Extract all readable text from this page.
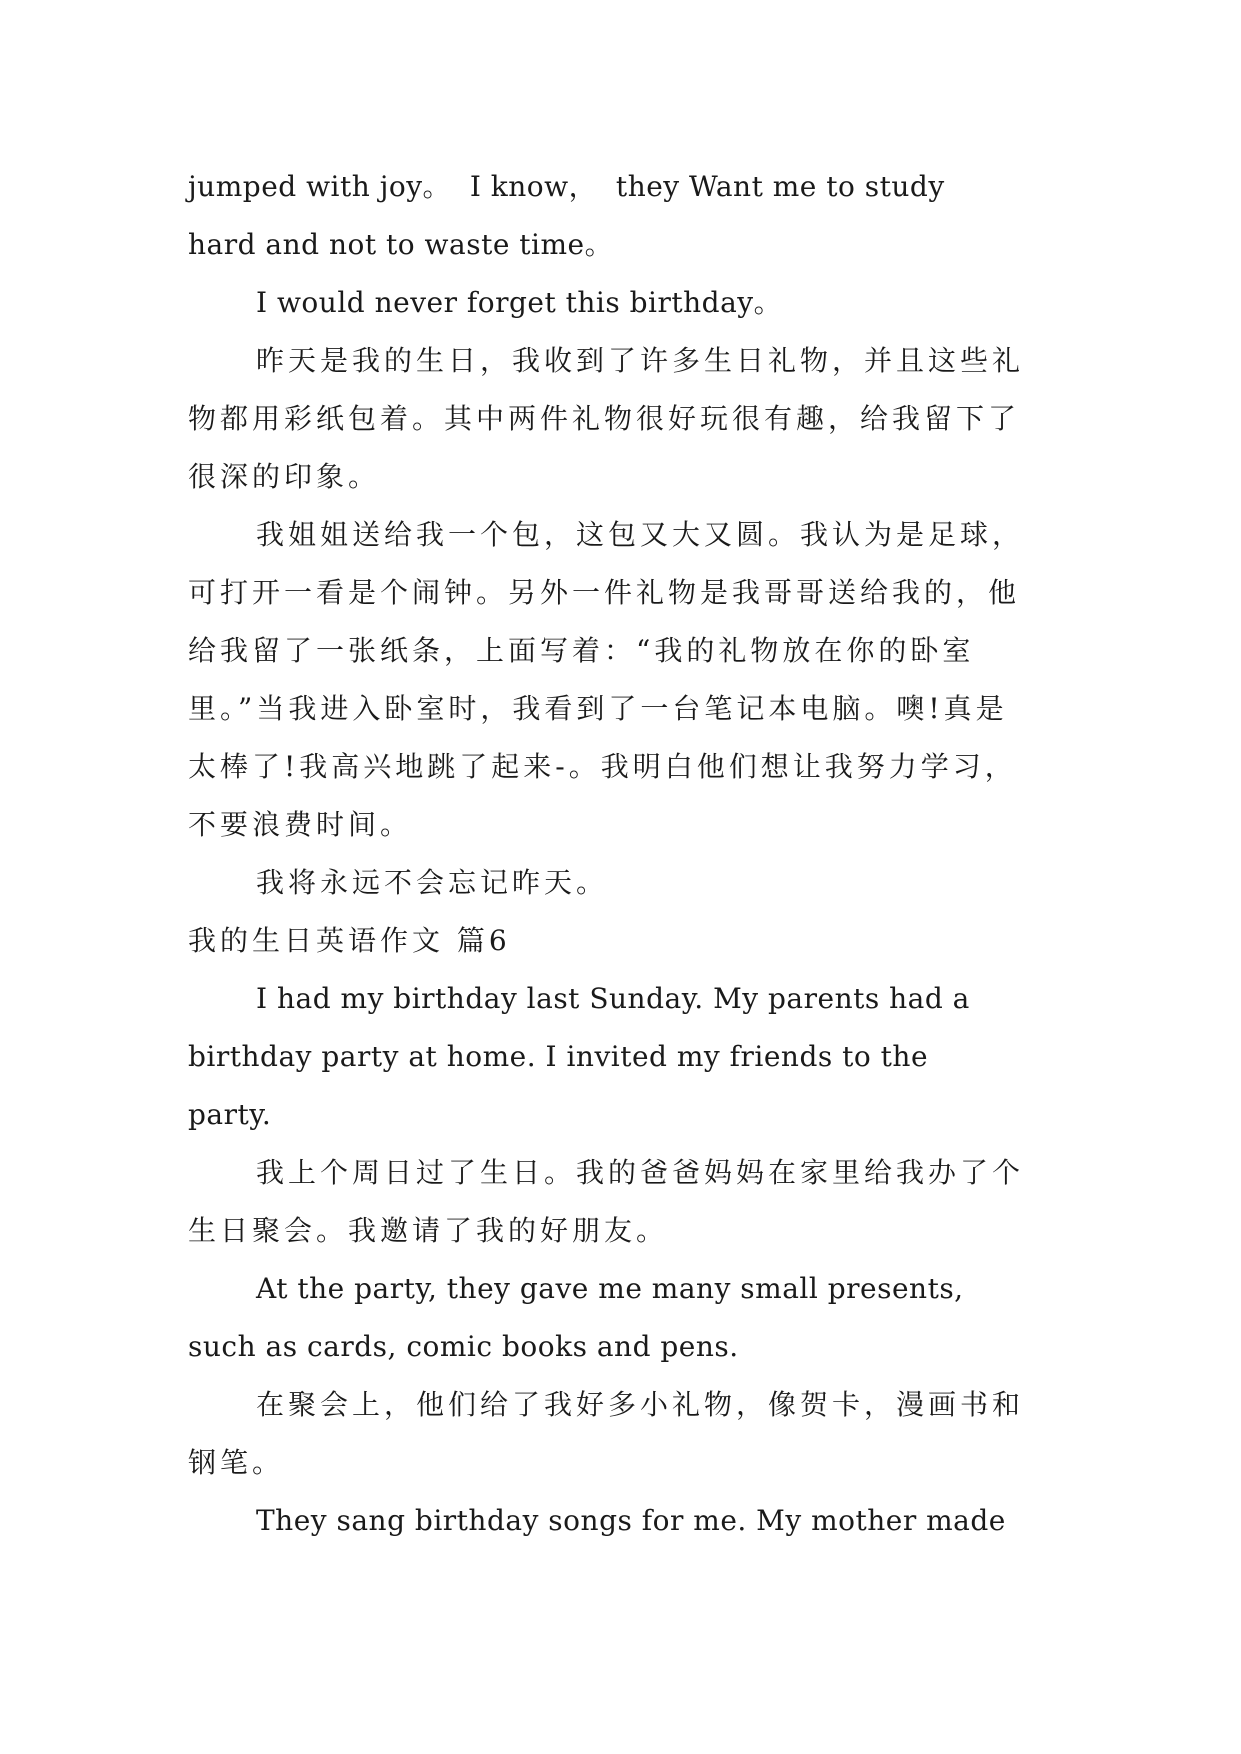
jumped with joy。  I know，  they Want me to study
hard and not to waste time。
I would never forget this birthday。
昨天是我的生日，我收到了许多生日礼物，并且这些礼
物都用彩纸包着。其中两件礼物很好玩很有趣，给我留下了
很深的印象。
我姐姐送给我一个包，这包又大又圆。我认为是足球，
可打开一看是个闹钟。另外一件礼物是我哥哥送给我的，他
给我留了一张纸条，上面写着：“我的礼物放在你的卧室
里。”当我进入卧室时，我看到了一台笔记本电脑。噢!真是
太棒了!我高兴地跳了起来-。我明白他们想让我努力学习，
不要浪费时间。
我将永远不会忘记昨天。
我的生日英语作文 篇6
I had my birthday last Sunday. My parents had a
birthday party at home. I invited my friends to the
party.
我上个周日过了生日。我的爸爸妈妈在家里给我办了个
生日聚会。我邀请了我的好朋友。
At the party, they gave me many small presents,
such as cards, comic books and pens.
在聚会上，他们给了我好多小礼物，像贺卡，漫画书和
钢笔。
They sang birthday songs for me. My mother made
